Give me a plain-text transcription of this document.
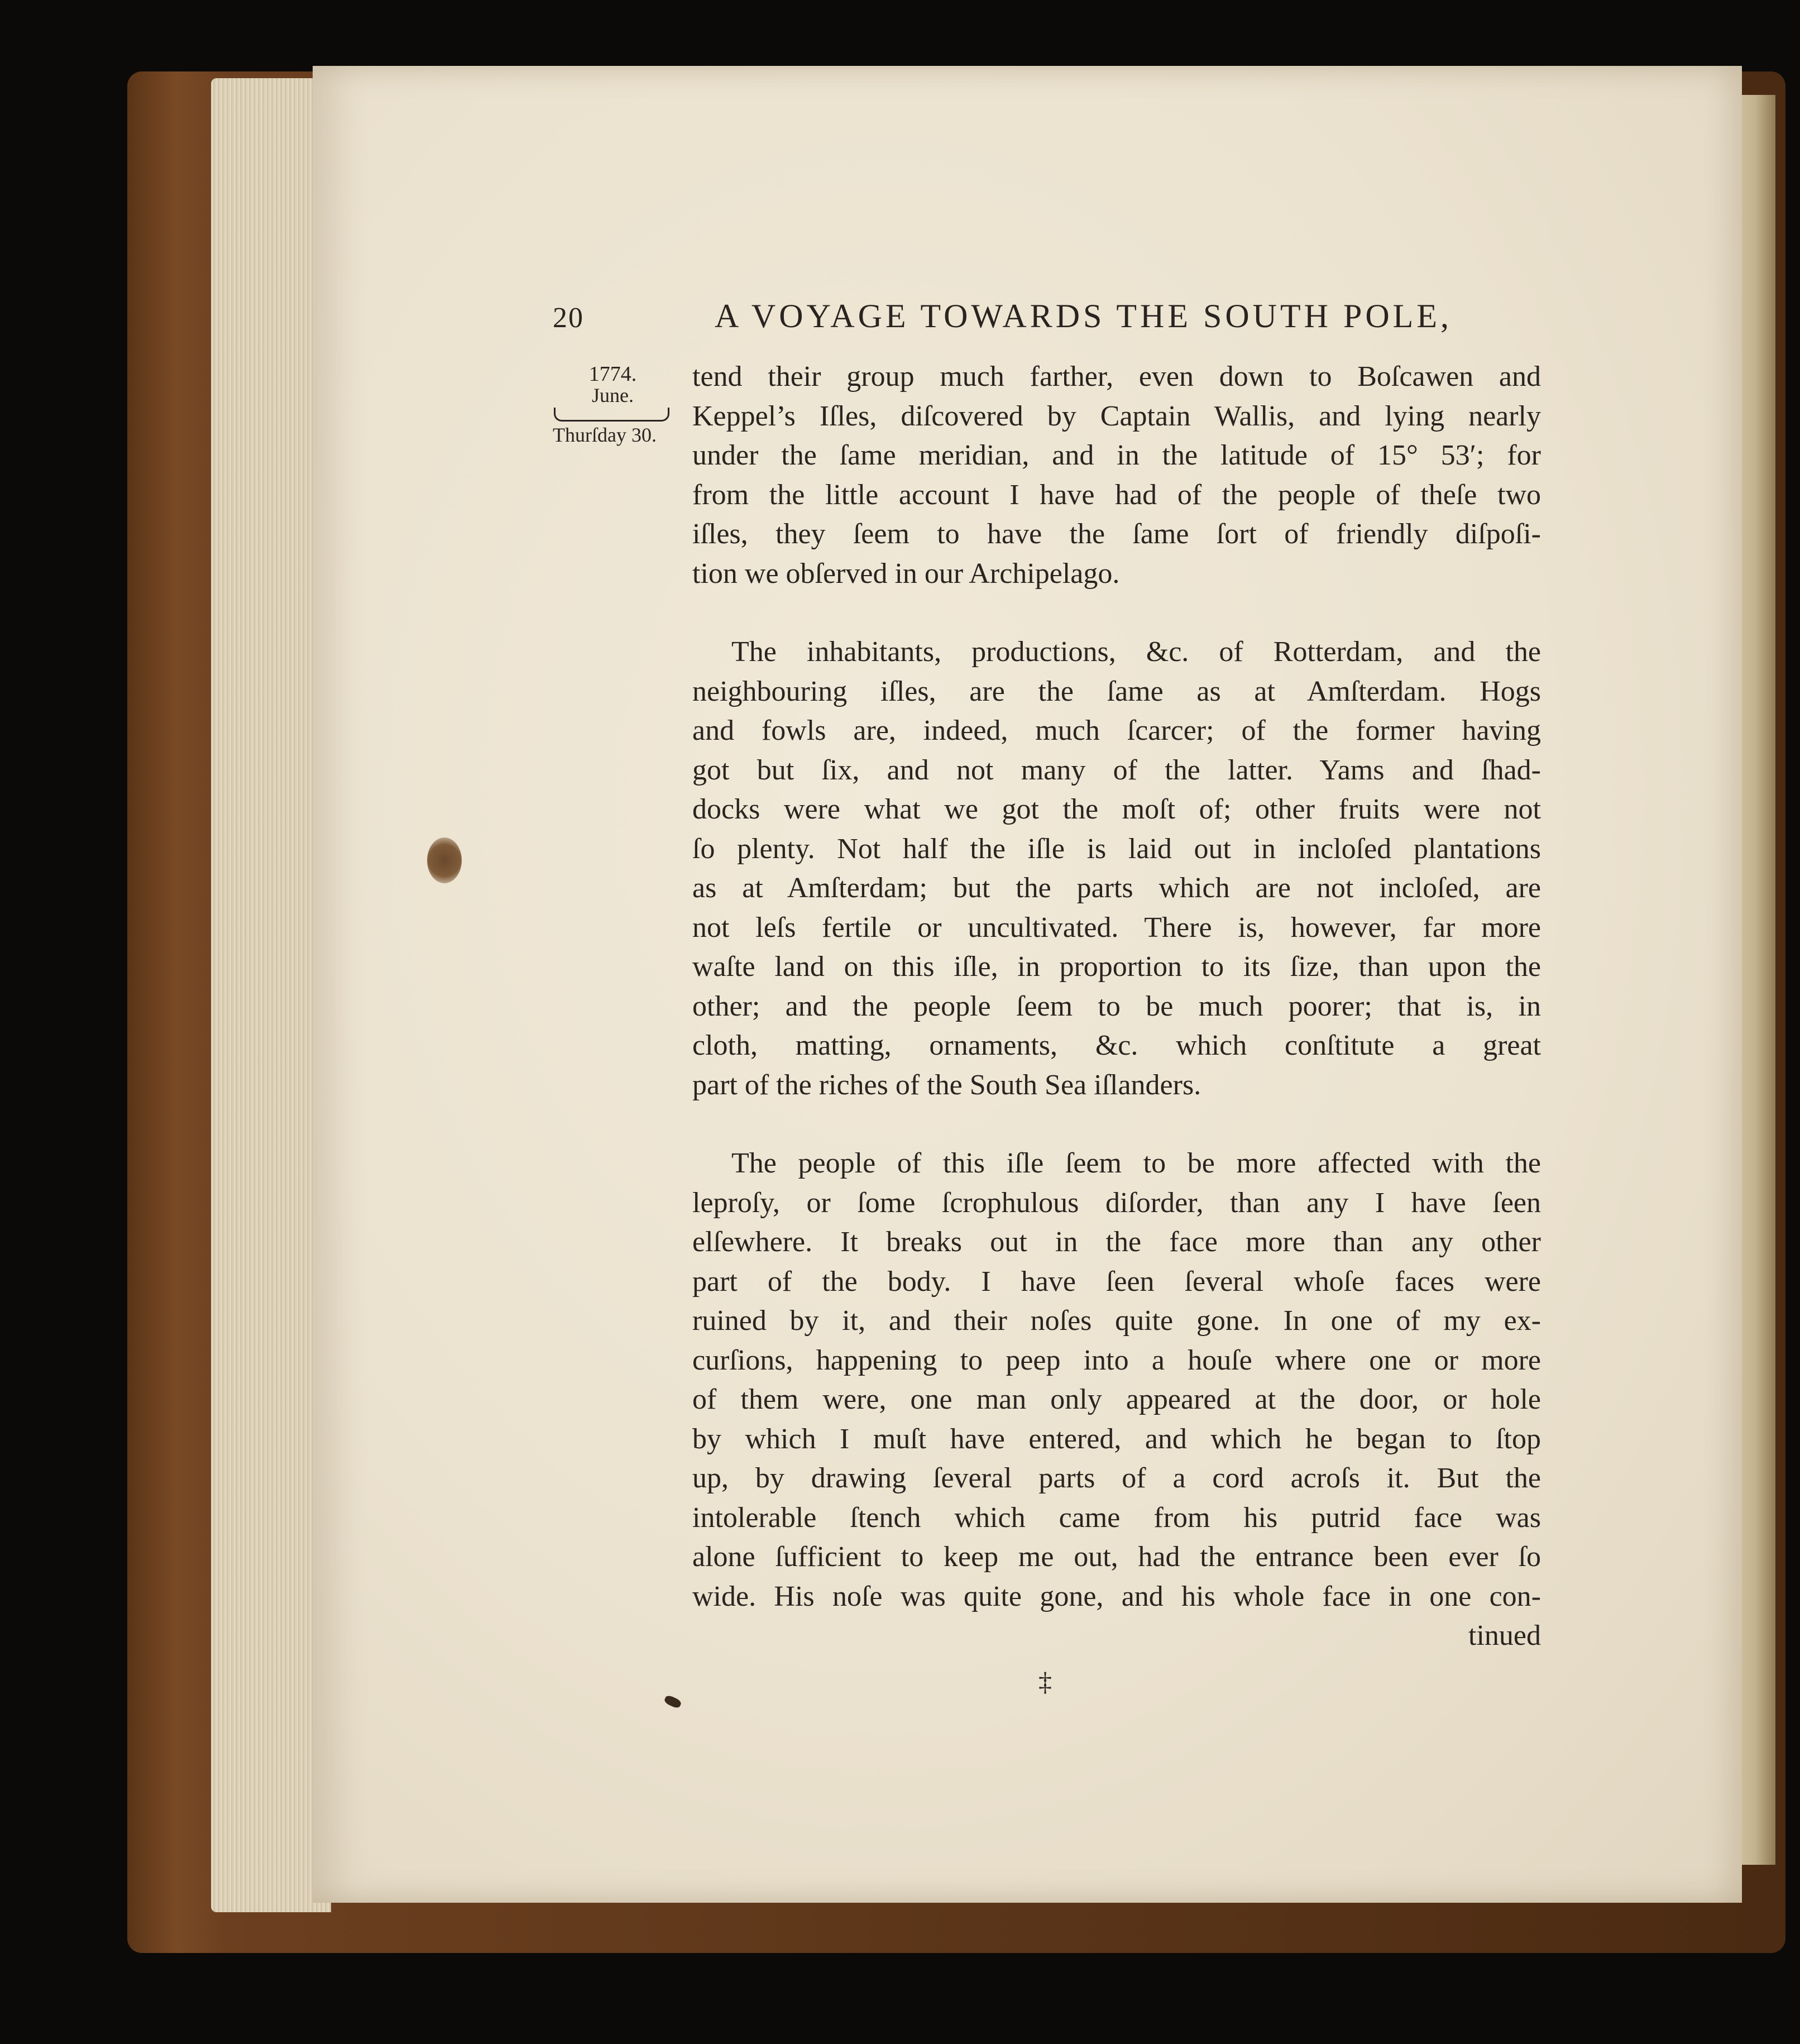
20	A VOYAGE TOWARDS THE SOUTH POLE,
1774.
June.
Thurſday 30.
tend their group much farther, even down to Boſcawen and
Keppel’s Iſles, diſcovered by Captain Wallis, and lying nearly
under the ſame meridian, and in the latitude of 15° 53′; for
from the little account I have had of the people of theſe two
iſles, they ſeem to have the ſame ſort of friendly diſpoſi-
tion we obſerved in our Archipelago.
The inhabitants, productions, &c. of Rotterdam, and the
neighbouring iſles, are the ſame as at Amſterdam. Hogs
and fowls are, indeed, much ſcarcer; of the former having
got but ſix, and not many of the latter. Yams and ſhad-
docks were what we got the moſt of; other fruits were not
ſo plenty. Not half the iſle is laid out in incloſed plantations
as at Amſterdam; but the parts which are not incloſed, are
not leſs fertile or uncultivated. There is, however, far more
waſte land on this iſle, in proportion to its ſize, than upon the
other; and the people ſeem to be much poorer; that is, in
cloth, matting, ornaments, &c. which conſtitute a great
part of the riches of the South Sea iſlanders.
The people of this iſle ſeem to be more affected with the
leproſy, or ſome ſcrophulous diſorder, than any I have ſeen
elſewhere. It breaks out in the face more than any other
part of the body. I have ſeen ſeveral whoſe faces were
ruined by it, and their noſes quite gone. In one of my ex-
curſions, happening to peep into a houſe where one or more
of them were, one man only appeared at the door, or hole
by which I muſt have entered, and which he began to ſtop
up, by drawing ſeveral parts of a cord acroſs it. But the
intolerable ſtench which came from his putrid face was
alone ſufficient to keep me out, had the entrance been ever ſo
wide. His noſe was quite gone, and his whole face in one con-
tinued
‡
